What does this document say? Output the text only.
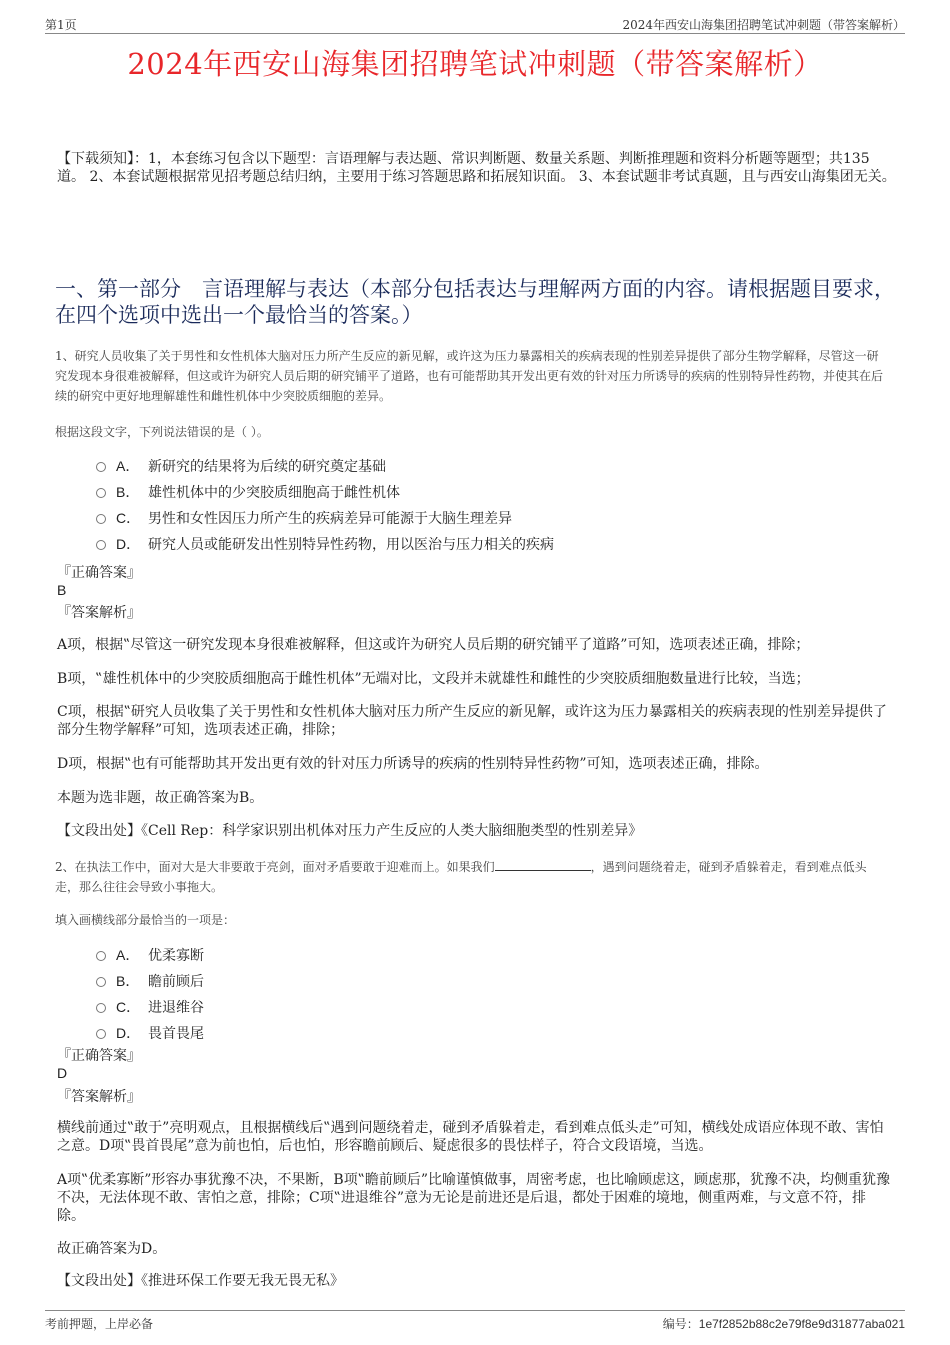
第1页	2024年西安山海集团招聘笔试冲刺题（带答案解析）
2024年西安山海集团招聘笔试冲刺题（带答案解析）
【下载须知】：1，本套练习包含以下题型：言语理解与表达题、常识判断题、数量关系题、判断推理题和资料分析题等题型；共135道。 2、本套试题根据常见招考题总结归纳，主要用于练习答题思路和拓展知识面。 3、本套试题非考试真题，且与西安山海集团无关。
一、第一部分　言语理解与表达（本部分包括表达与理解两方面的内容。请根据题目要求，在四个选项中选出一个最恰当的答案。）
1、研究人员收集了关于男性和女性机体大脑对压力所产生反应的新见解，或许这为压力暴露相关的疾病表现的性别差异提供了部分生物学解释，尽管这一研究发现本身很难被解释，但这或许为研究人员后期的研究铺平了道路，也有可能帮助其开发出更有效的针对压力所诱导的疾病的性别特异性药物，并使其在后续的研究中更好地理解雄性和雌性机体中少突胶质细胞的差异。
根据这段文字，下列说法错误的是（ ）。
A． 新研究的结果将为后续的研究奠定基础
B． 雄性机体中的少突胶质细胞高于雌性机体
C． 男性和女性因压力所产生的疾病差异可能源于大脑生理差异
D． 研究人员或能研发出性别特异性药物，用以医治与压力相关的疾病
『正确答案』
B
『答案解析』
A项，根据‟尽管这一研究发现本身很难被解释，但这或许为研究人员后期的研究铺平了道路”可知，选项表述正确，排除；
B项，‟雄性机体中的少突胶质细胞高于雌性机体”无端对比，文段并未就雄性和雌性的少突胶质细胞数量进行比较，当选；
C项，根据‟研究人员收集了关于男性和女性机体大脑对压力所产生反应的新见解，或许这为压力暴露相关的疾病表现的性别差异提供了部分生物学解释”可知，选项表述正确，排除；
D项，根据‟也有可能帮助其开发出更有效的针对压力所诱导的疾病的性别特异性药物”可知，选项表述正确，排除。
本题为选非题，故正确答案为B。
【文段出处】《Cell Rep：科学家识别出机体对压力产生反应的人类大脑细胞类型的性别差异》
2、在执法工作中，面对大是大非要敢于亮剑，面对矛盾要敢于迎难而上。如果我们	，遇到问题绕着走，碰到矛盾躲着走，看到难点低头走，那么往往会导致小事拖大。
填入画横线部分最恰当的一项是：
A． 优柔寡断
B． 瞻前顾后
C． 进退维谷
D． 畏首畏尾
『正确答案』
D
『答案解析』
横线前通过‟敢于”亮明观点，且根据横线后‟遇到问题绕着走，碰到矛盾躲着走，看到难点低头走”可知，横线处成语应体现不敢、害怕之意。D项‟畏首畏尾”意为前也怕，后也怕，形容瞻前顾后、疑虑很多的畏怯样子，符合文段语境，当选。
A项‟优柔寡断”形容办事犹豫不决，不果断，B项‟瞻前顾后”比喻谨慎做事，周密考虑，也比喻顾虑这，顾虑那，犹豫不决，均侧重犹豫不决，无法体现不敢、害怕之意，排除；C项‟进退维谷”意为无论是前进还是后退，都处于困难的境地，侧重两难，与文意不符，排除。
故正确答案为D。
【文段出处】《推进环保工作要无我无畏无私》
考前押题，上岸必备	编号：1e7f2852b88c2e79f8e9d31877aba021
